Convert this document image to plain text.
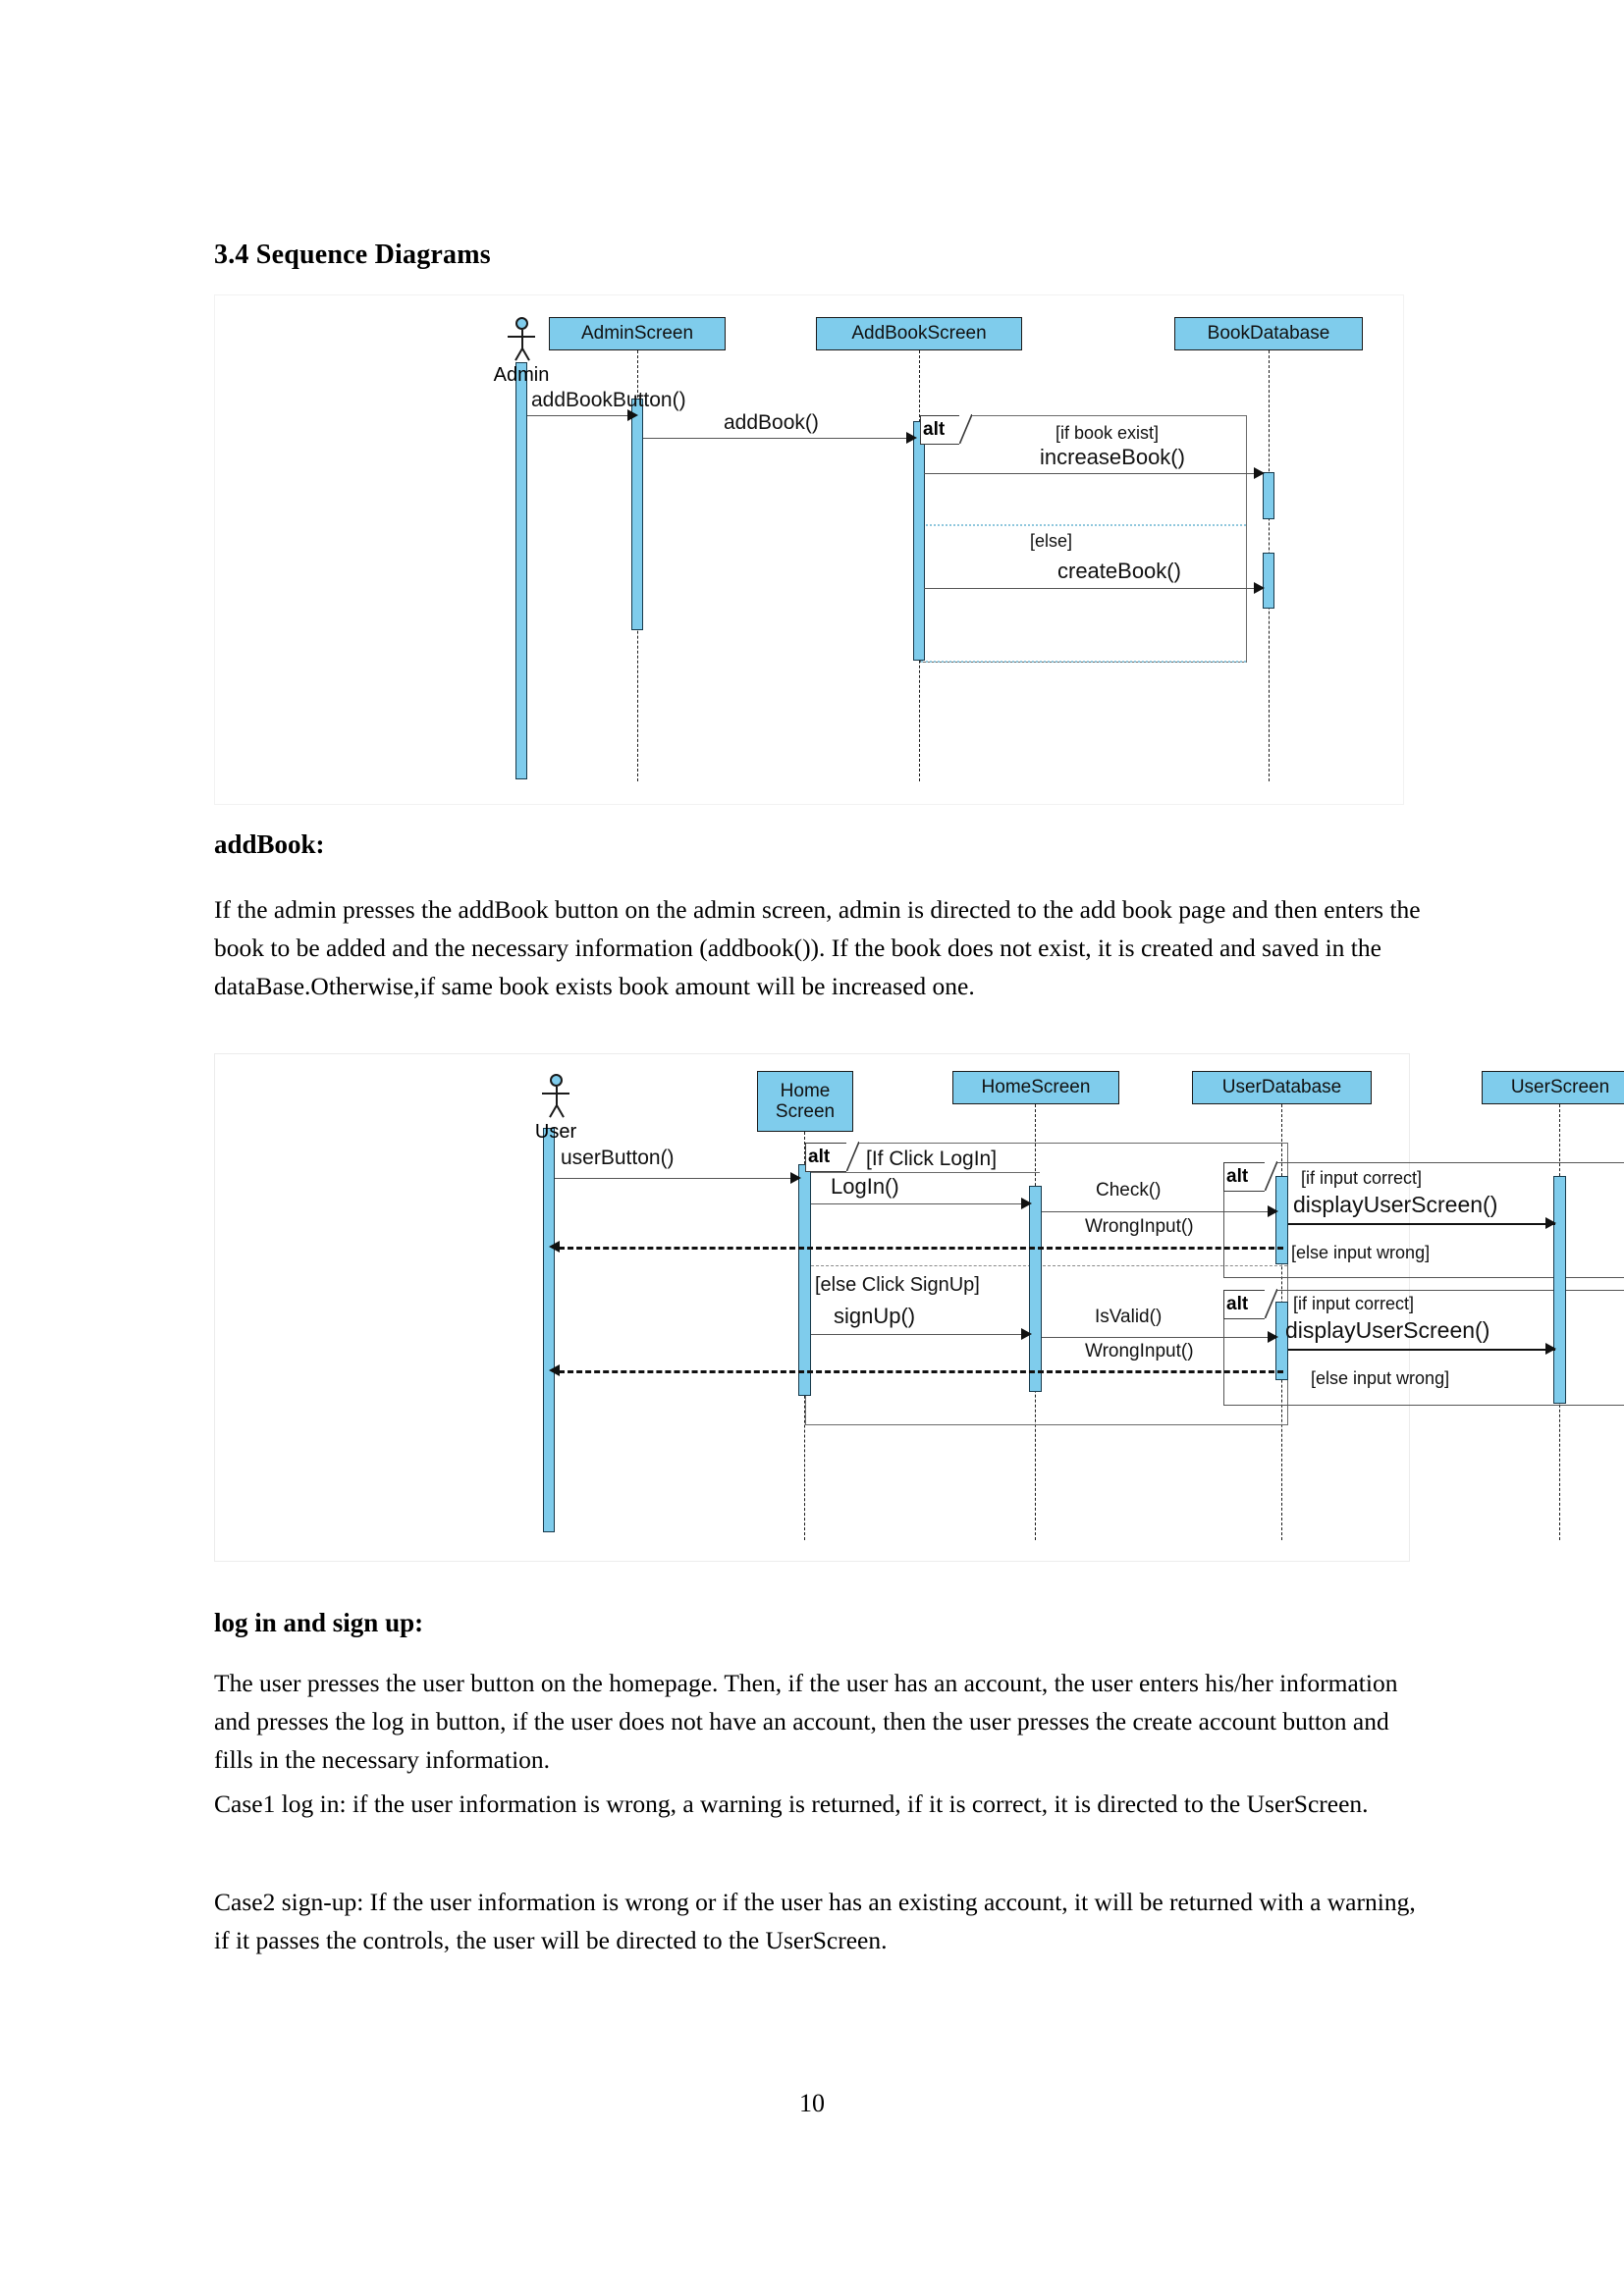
3.4 Sequence Diagrams
Admin
AdminScreen	AddBookScreen	BookDatabase
addBookButton()
addBook()	alt	[if book exist]
increaseBook()
[else]
createBook()
addBook:
If the admin presses the addBook button on the admin screen, admin is directed to the add book page and then enters the book to be added and the necessary information (addbook()). If the book does not exist, it is created and saved in the dataBase.Otherwise,if same book exists book amount will be increased one.
User
Home
Screen
HomeScreen	UserDatabase	UserScreen
alt [If Click LogIn]
userButton()
LogIn()	Check()
WrongInput()
alt	[if input correct]
displayUserScreen()
[else input wrong]
[else Click SignUp]
signUp()	IsValid()
WrongInput()
alt	[if input correct]
displayUserScreen()
[else input wrong]
log in and sign up:
The user presses the user button on the homepage. Then, if the user has an account, the user enters his/her information and presses the log in button, if the user does not have an account, then the user presses the create account button and fills in the necessary information.
Case1 log in: if the user information is wrong, a warning is returned, if it is correct, it is directed to the UserScreen.
Case2 sign-up: If the user information is wrong or if the user has an existing account, it will be returned with a warning, if it passes the controls, the user will be directed to the UserScreen.
10
